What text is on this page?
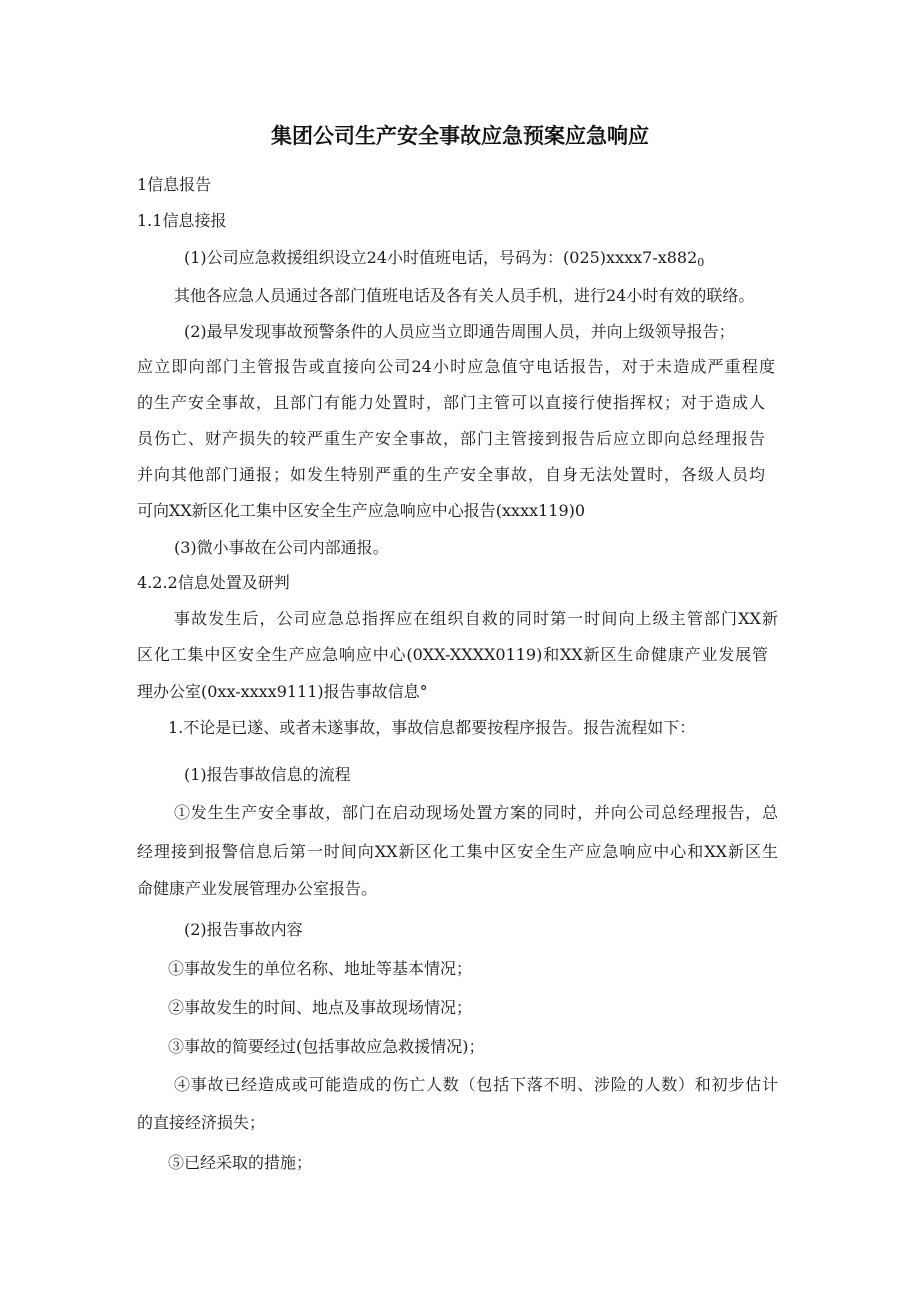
集团公司生产安全事故应急预案应急响应
1信息报告
1.1信息接报
(1)公司应急救援组织设立24小时值班电话，号码为：$(025)xxxx7-x882_0$
其他各应急人员通过各部门值班电话及各有关人员手机，进行24小时有效的联络。
(2)最早发现事故预警条件的人员应当立即通告周围人员，并向上级领导报告；
应立即向部门主管报告或直接向公司24小时应急值守电话报告，对于未造成严重程度
的生产安全事故，且部门有能力处置时，部门主管可以直接行使指挥权；对于造成人
员伤亡、财产损失的较严重生产安全事故，部门主管接到报告后应立即向总经理报告
并向其他部门通报；如发生特别严重的生产安全事故，自身无法处置时，各级人员均
可向XX新区化工集中区安全生产应急响应中心报告(xxxx119)0
(3)微小事故在公司内部通报。
4.2.2信息处置及研判
事故发生后，公司应急总指挥应在组织自救的同时第一时间向上级主管部门XX新
区化工集中区安全生产应急响应中心(0XX-XXXX0119)和XX新区生命健康产业发展管
理办公室(0xx-xxxx9111)报告事故信息°
1.不论是已遂、或者未遂事故，事故信息都要按程序报告。报告流程如下：
(1)报告事故信息的流程
①发生生产安全事故，部门在启动现场处置方案的同时，并向公司总经理报告，总
经理接到报警信息后第一时间向XX新区化工集中区安全生产应急响应中心和XX新区生
命健康产业发展管理办公室报告。
(2)报告事故内容
①事故发生的单位名称、地址等基本情况；
②事故发生的时间、地点及事故现场情况；
③事故的简要经过(包括事故应急救援情况)；
④事故已经造成或可能造成的伤亡人数（包括下落不明、涉险的人数）和初步估计
的直接经济损失；
⑤已经采取的措施；
